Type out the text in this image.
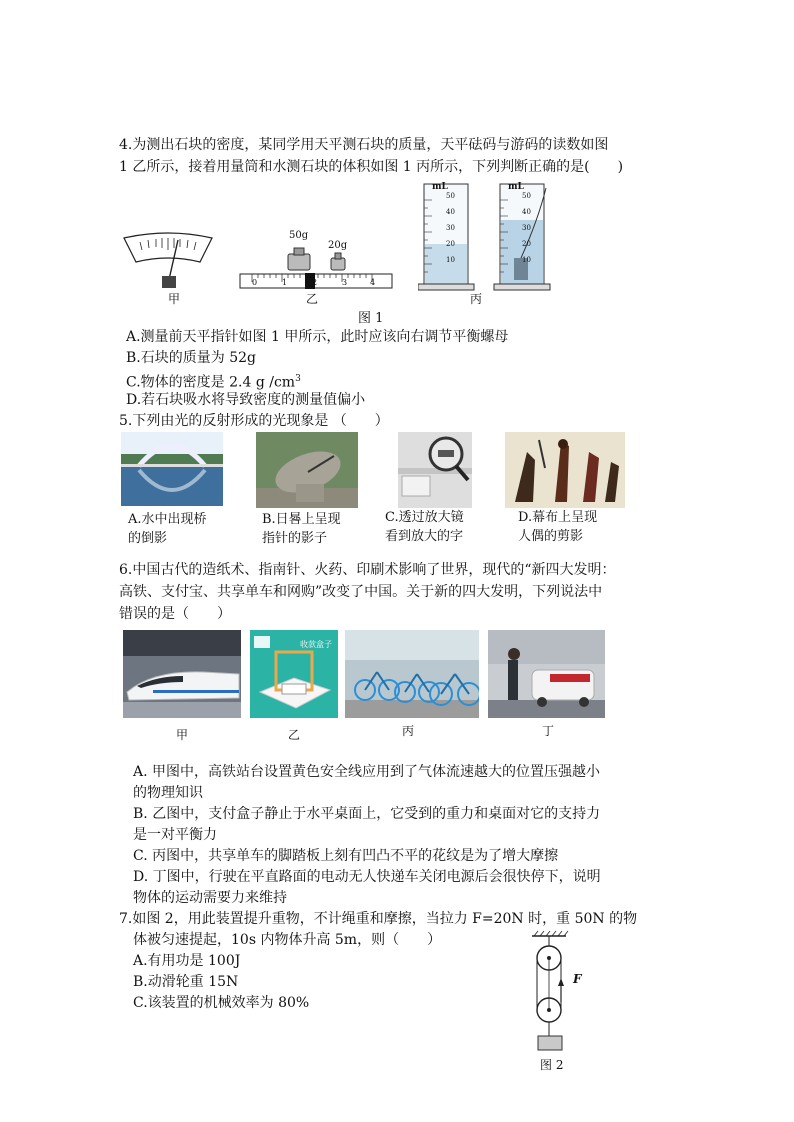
4.为测出石块的密度，某同学用天平测石块的质量，天平砝码与游码的读数如图
1 乙所示，接着用量筒和水测石块的体积如图 1 丙所示，下列判断正确的是(　　)
甲
50g
20g
0	1	2	3	4
乙
mL	mL
50
40
30
20
10
50
40
30
20
10
丙
图 1
A.测量前天平指针如图 1 甲所示，此时应该向右调节平衡螺母
B.石块的质量为 52g
C.物体的密度是 2.4 g $/cm^3$
D.若石块吸水将导致密度的测量值偏小
5.下列由光的反射形成的光现象是 （　　）
A.水中出现桥
的倒影
B.日晷上呈现
指针的影子
C.透过放大镜
看到放大的字
D.幕布上呈现
人偶的剪影
6.中国古代的造纸术、指南针、火药、印刷术影响了世界，现代的“新四大发明：
高铁、支付宝、共享单车和网购”改变了中国。关于新的四大发明，下列说法中
错误的是（　　）
甲
收款盒子
乙	丙	丁
A. 甲图中，高铁站台设置黄色安全线应用到了气体流速越大的位置压强越小
的物理知识
B. 乙图中，支付盒子静止于水平桌面上，它受到的重力和桌面对它的支持力
是一对平衡力
C. 丙图中，共享单车的脚踏板上刻有凹凸不平的花纹是为了增大摩擦
D. 丁图中，行驶在平直路面的电动无人快递车关闭电源后会很快停下，说明
物体的运动需要力来维持
7.如图 2，用此装置提升重物，不计绳重和摩擦，当拉力 F=20N 时，重 50N 的物
体被匀速提起，10s 内物体升高 5m，则（　　）
A.有用功是 100J
B.动滑轮重 15N
C.该装置的机械效率为 80%
F
图 2
